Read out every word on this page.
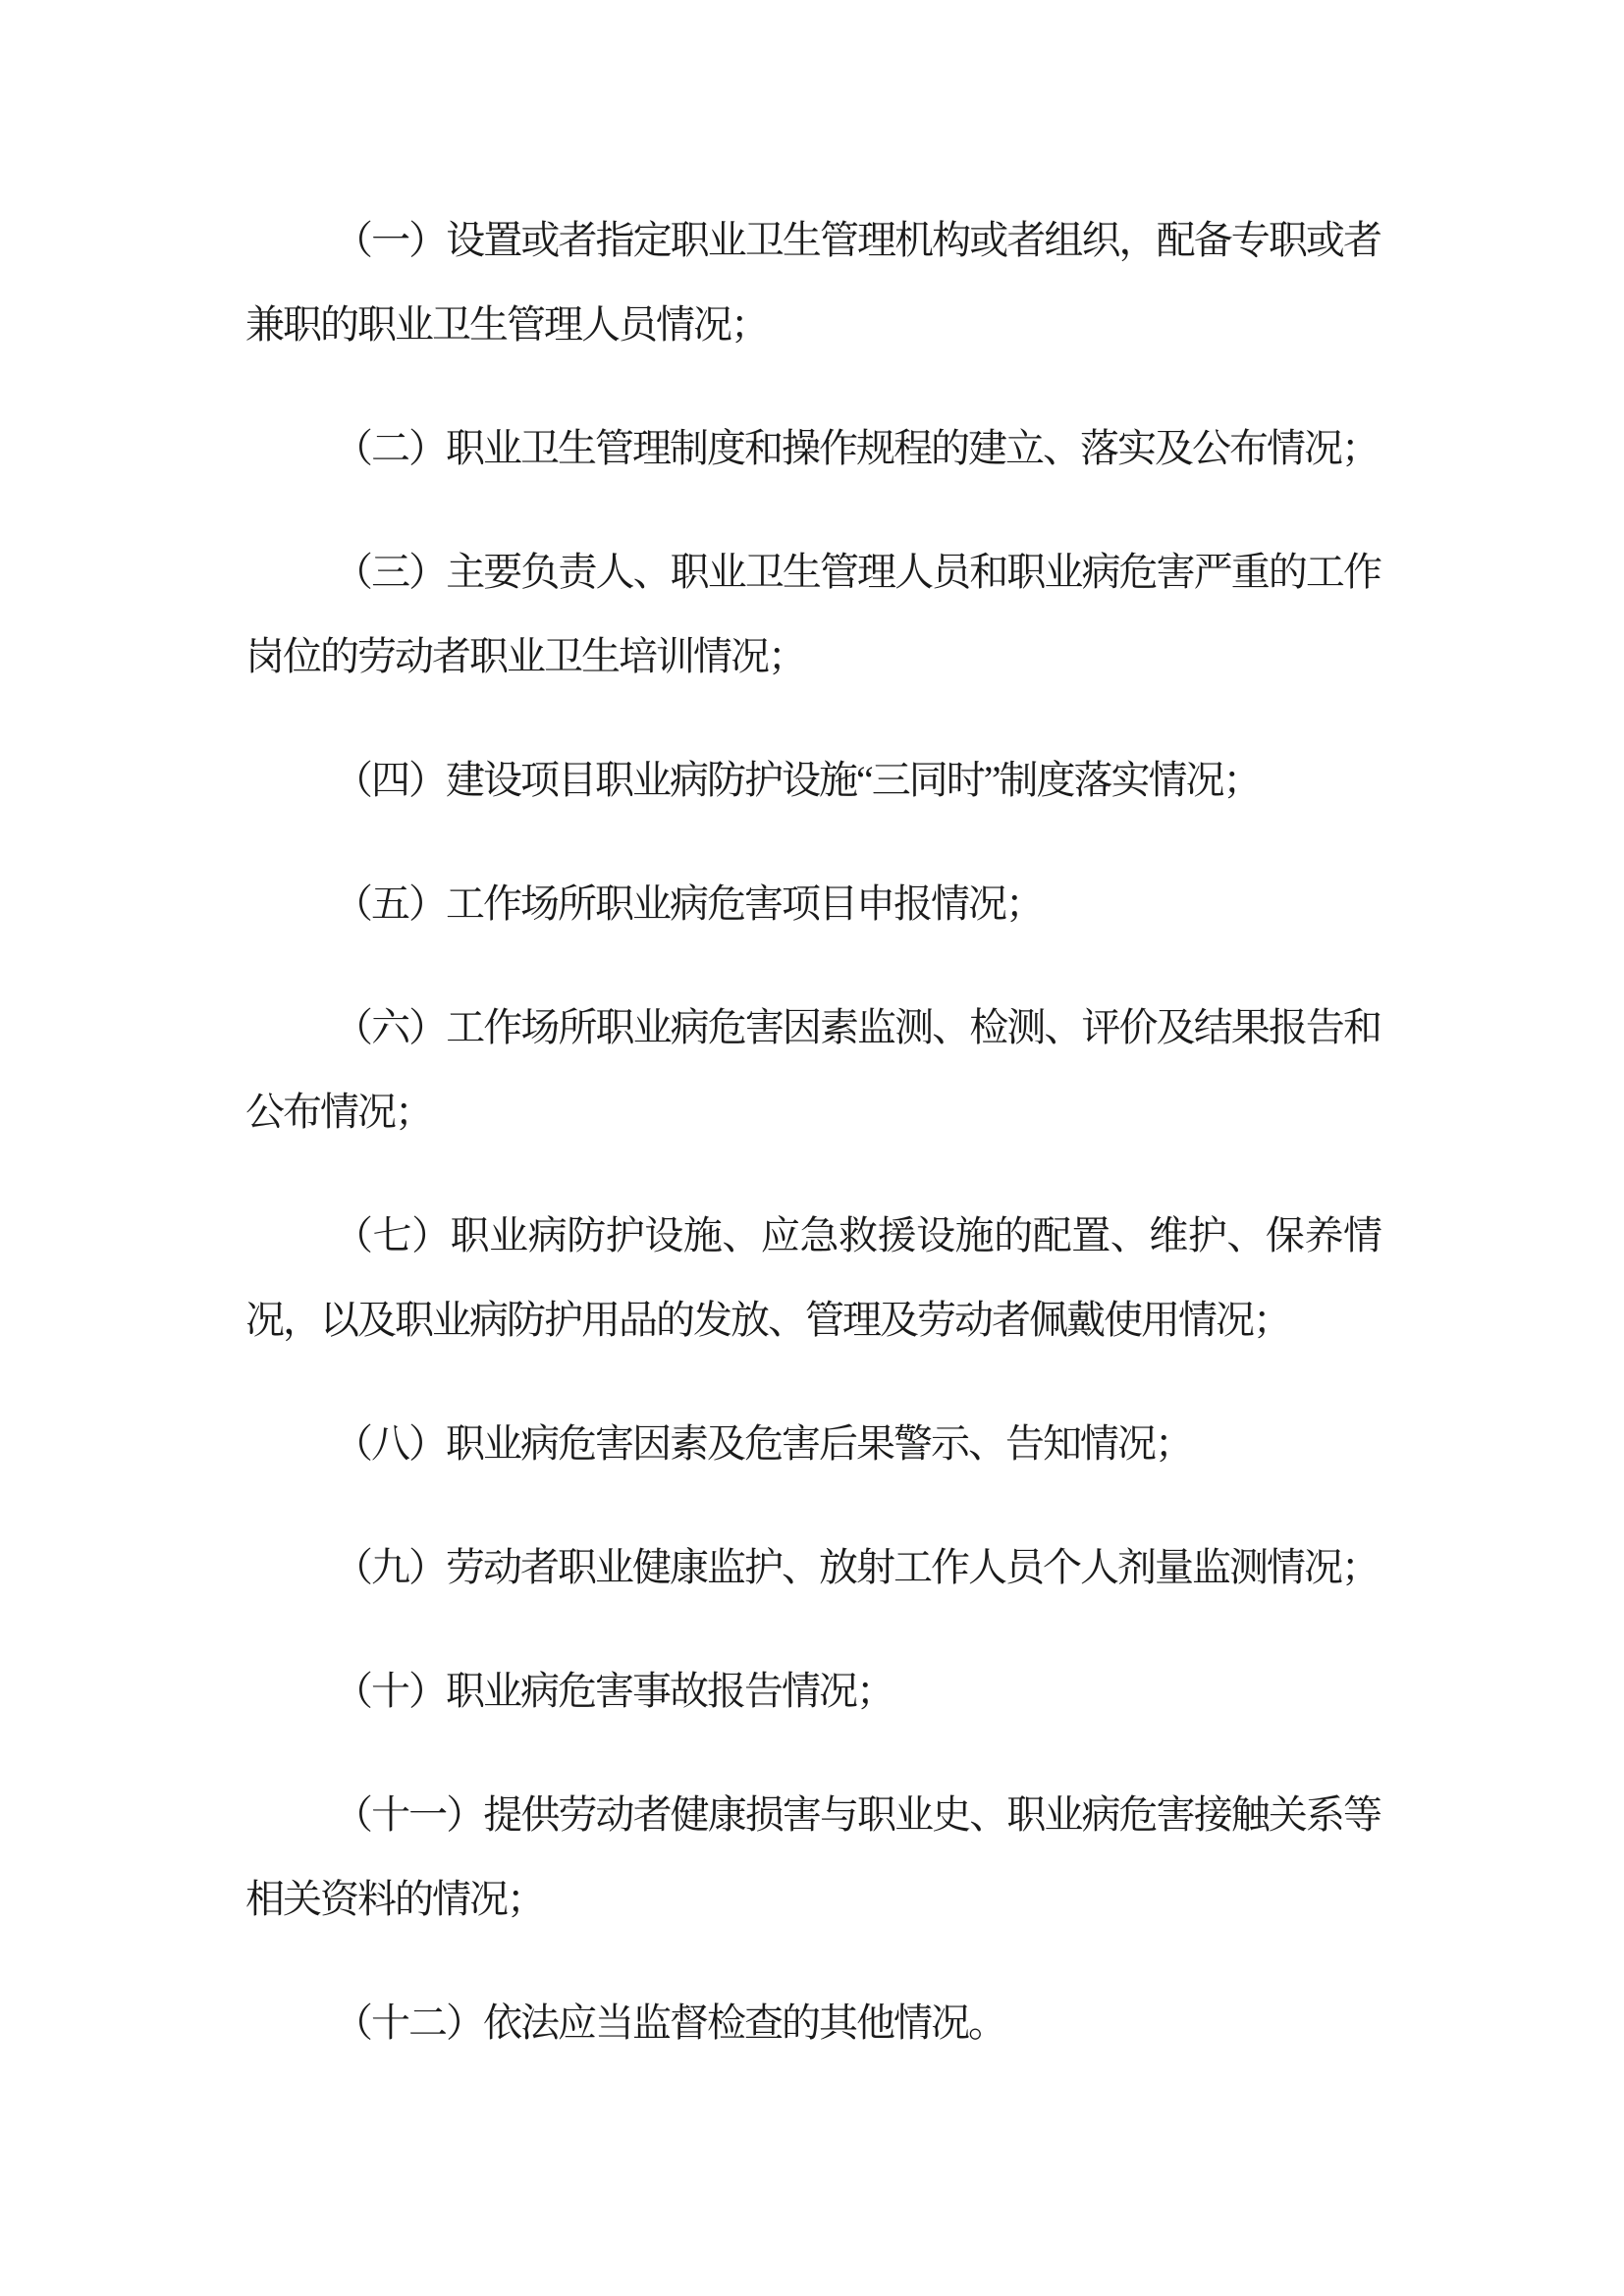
（一）设置或者指定职业卫生管理机构或者组织，配备专职或者兼职的职业卫生管理人员情况；

（二）职业卫生管理制度和操作规程的建立、落实及公布情况；

（三）主要负责人、职业卫生管理人员和职业病危害严重的工作岗位的劳动者职业卫生培训情况；

（四）建设项目职业病防护设施“三同时”制度落实情况；

（五）工作场所职业病危害项目申报情况；

（六）工作场所职业病危害因素监测、检测、评价及结果报告和公布情况；

（七）职业病防护设施、应急救援设施的配置、维护、保养情况，以及职业病防护用品的发放、管理及劳动者佩戴使用情况；

（八）职业病危害因素及危害后果警示、告知情况；

（九）劳动者职业健康监护、放射工作人员个人剂量监测情况；

（十）职业病危害事故报告情况；

（十一）提供劳动者健康损害与职业史、职业病危害接触关系等相关资料的情况；

（十二）依法应当监督检查的其他情况。
